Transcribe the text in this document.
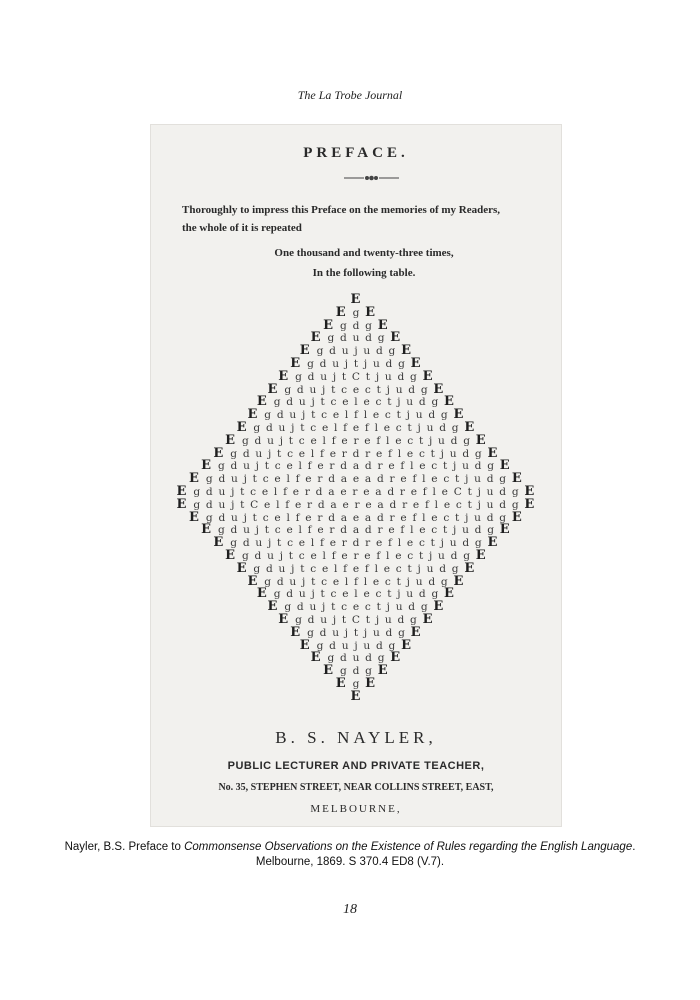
The La Trobe Journal
PREFACE.
Thoroughly to impress this Preface on the memories of my Readers,
the whole of it is repeated
One thousand and twenty-three times,
In the following table.
E
E g E
E g d g E
E g d u d g E
E g d u j u d g E
E g d u j t j u d g E
E g d u j t C t j u d g E
E g d u j t c e c t j u d g E
E g d u j t c e l e c t j u d g E
E g d u j t c e l f l e c t j u d g E
E g d u j t c e l f e f l e c t j u d g E
E g d u j t c e l f e r e f l e c t j u d g E
E g d u j t c e l f e r d r e f l e c t j u d g E
E g d u j t c e l f e r d a d r e f l e c t j u d g E
E g d u j t c e l f e r d a e a d r e f l e c t j u d g E
E g d u j t c e l f e r d a e r e a d r e f l e C t j u d g E
E g d u j t C e l f e r d a e r e a d r e f l e c t j u d g E
E g d u j t c e l f e r d a e a d r e f l e c t j u d g E
E g d u j t c e l f e r d a d r e f l e c t j u d g E
E g d u j t c e l f e r d r e f l e c t j u d g E
E g d u j t c e l f e r e f l e c t j u d g E
E g d u j t c e l f e f l e c t j u d g E
E g d u j t c e l f l e c t j u d g E
E g d u j t c e l e c t j u d g E
E g d u j t c e c t j u d g E
E g d u j t C t j u d g E
E g d u j t j u d g E
E g d u j u d g E
E g d u d g E
E g d g E
E g E
E
B. S. NAYLER,
PUBLIC LECTURER AND PRIVATE TEACHER,
No. 35, STEPHEN STREET, NEAR COLLINS STREET, EAST,
MELBOURNE,
Nayler, B.S. Preface to Commonsense Observations on the Existence of Rules regarding the English Language.
Melbourne, 1869. S 370.4 ED8 (V.7).
18
